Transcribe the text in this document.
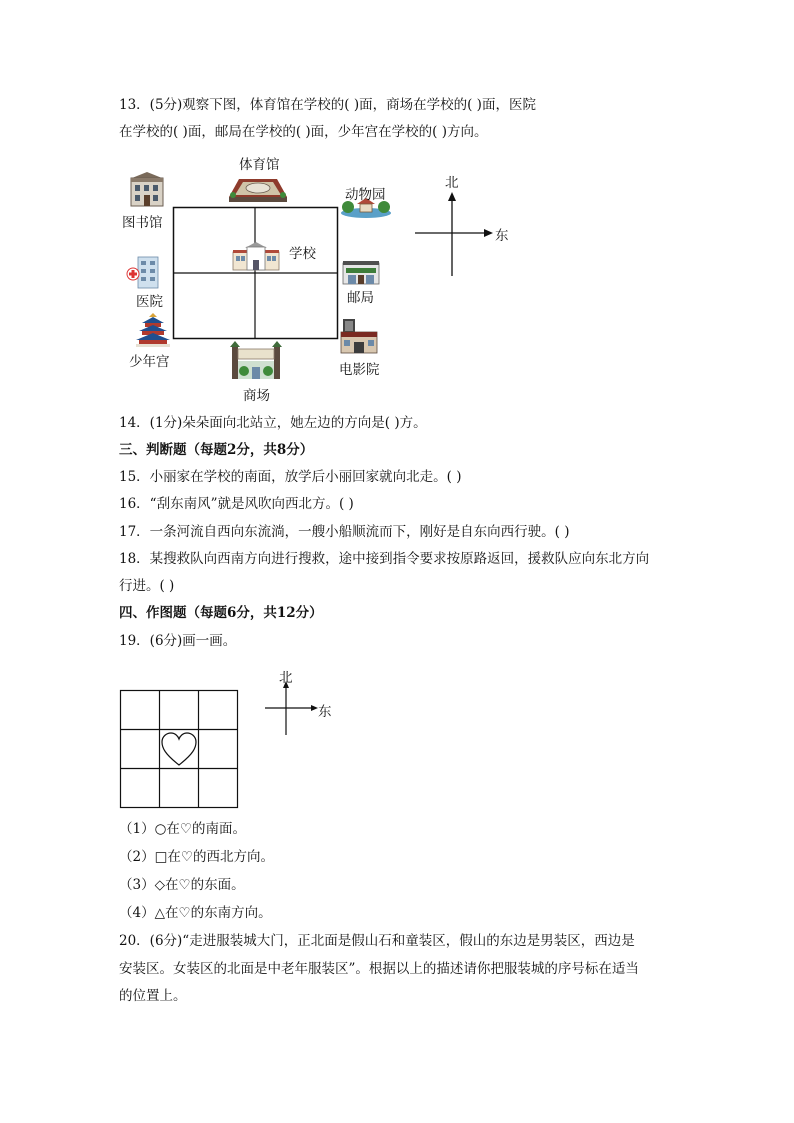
13．(5分)观察下图，体育馆在学校的( )面，商场在学校的( )面，医院
在学校的( )面，邮局在学校的( )面，少年宫在学校的( )方向。
图书馆
体育馆
动物园
学校
医院	邮局
少年宫	电影院
商场
北
东
14．(1分)朵朵面向北站立，她左边的方向是( )方。
三、判断题（每题2分，共8分）
15．小丽家在学校的南面，放学后小丽回家就向北走。( )
16．“刮东南风”就是风吹向西北方。( )
17．一条河流自西向东流淌，一艘小船顺流而下，刚好是自东向西行驶。( )
18．某搜救队向西南方向进行搜救，途中接到指令要求按原路返回，援救队应向东北方向
行进。( )
四、作图题（每题6分，共12分）
19．(6分)画一画。
北
东
（1）○在♡的南面。
（2）□在♡的西北方向。
（3）◇在♡的东面。
（4）△在♡的东南方向。
20．(6分)“走进服装城大门，正北面是假山石和童装区，假山的东边是男装区，西边是
安装区。女装区的北面是中老年服装区”。根据以上的描述请你把服装城的序号标在适当
的位置上。
